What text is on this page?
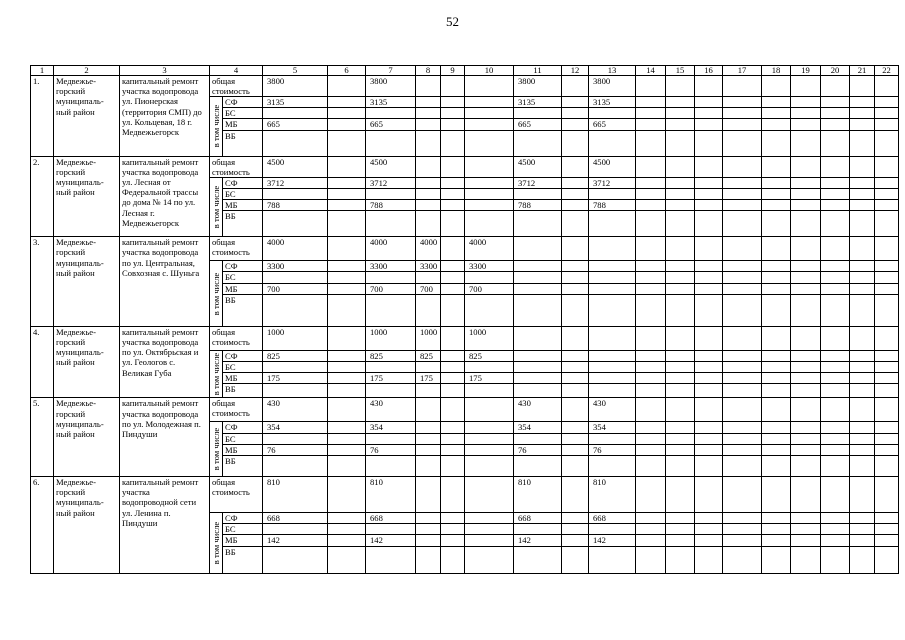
52
1	2	3	4		5	6	7	8	9	10	11	12	13	14	15	16	17	18	19	20	21	22
1.	Медвежье-горский муниципаль-ный район	капитальный ремонт участка водопровода ул. Пионерская (территория СМП) до ул. Кольцевая, 18 г. Медвежьегорск	общая стоимость		3800		3800				3800		3800									

			в том числе	СФ	3135		3135				3135		3135									
				БС																		
				МБ	665		665				665		665									
				ВБ																		
2.	Медвежье-горский муниципаль-ный район	капитальный ремонт участка водопровода ул. Лесная от Федеральной трассы до дома № 14 по ул. Лесная г. Медвежьегорск	общая стоимость		4500		4500				4500		4500									

			в том числе	СФ	3712		3712				3712		3712									
				БС																		
				МБ	788		788				788		788									
				ВБ																		
3.	Медвежье-горский муниципаль-ный район	капитальный ремонт участка водопровода по ул. Центральная, Совхозная с. Шуньга	общая стоимость		4000		4000	4000		4000												

			в том числе	СФ	3300		3300	3300		3300												
				БС																		
				МБ	700		700	700		700												
				ВБ																		
4.	Медвежье-горский муниципаль-ный район	капитальный ремонт участка водопровода по ул. Октябрьская и ул. Геологов с. Великая Губа	общая стоимость		1000		1000	1000		1000												

			в том числе	СФ	825		825	825		825												
				БС																		
				МБ	175		175	175		175												
				ВБ																		
5.	Медвежье-горский муниципаль-ный район	капитальный ремонт участка водопровода по ул. Молодежная п. Пиндуши	общая стоимость		430		430				430		430									

			в том числе	СФ	354		354				354		354									
				БС																		
				МБ	76		76				76		76									
				ВБ																		
6.	Медвежье-горский муниципаль-ный район	капитальный ремонт участка водопроводной сети ул. Ленина п. Пиндуши	общая стоимость		810		810				810		810									

			в том числе	СФ	668		668				668		668									
				БС																		
				МБ	142		142				142		142									
				ВБ																		
